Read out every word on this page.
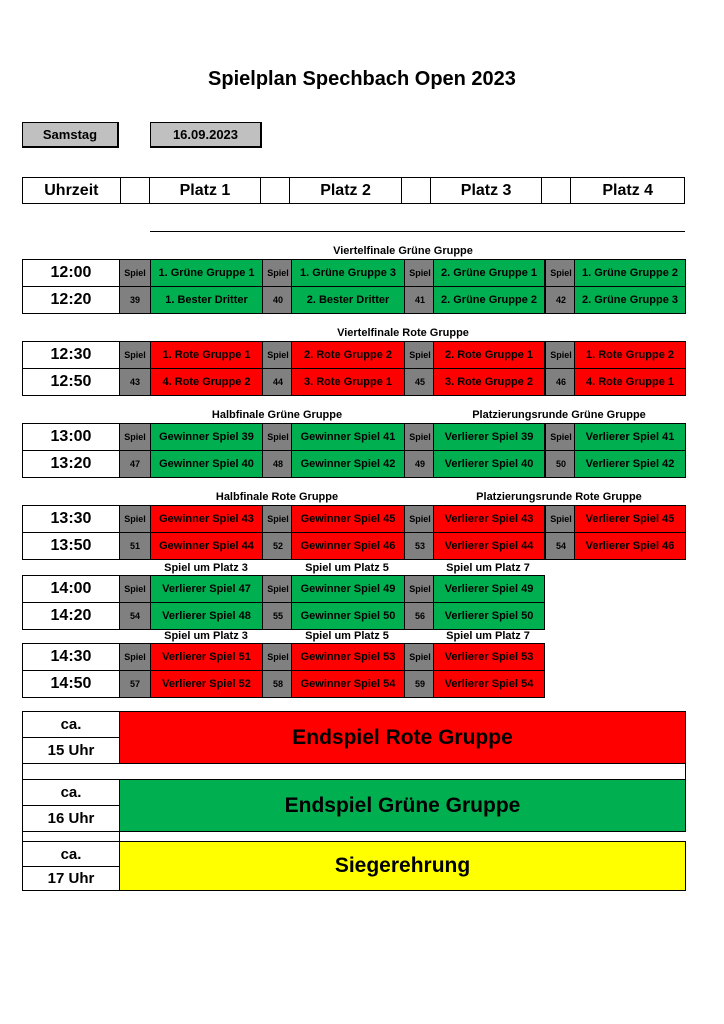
Spielplan Spechbach Open 2023
Samstag	16.09.2023
Uhrzeit	Platz 1	Platz 2	Platz 3	Platz 4
Viertelfinale Grüne Gruppe
Viertelfinale Rote Gruppe
Halbfinale Grüne Gruppe	Platzierungsrunde Grüne Gruppe
Halbfinale Rote Gruppe	Platzierungsrunde Rote Gruppe
Spiel um Platz 3	Spiel um Platz 5	Spiel um Platz 7
Spiel um Platz 3	Spiel um Platz 5	Spiel um Platz 7
12:00	Spiel	1. Grüne Gruppe 1	Spiel	1. Grüne Gruppe 3	Spiel 2. Grüne Gruppe 1	Spiel 1. Grüne Gruppe 2
12:20	39	1. Bester Dritter	40	2. Bester Dritter	41	2. Grüne Gruppe 2	42	2. Grüne Gruppe 3
12:30	Spiel	1. Rote Gruppe 1	Spiel	2. Rote Gruppe 2	Spiel	2. Rote Gruppe 1	Spiel	1. Rote Gruppe 2
12:50	43	4. Rote Gruppe 2	44	3. Rote Gruppe 1	45	3. Rote Gruppe 2	46	4. Rote Gruppe 1
13:00	Spiel	Gewinner Spiel 39	Spiel	Gewinner Spiel 41	Spiel	Verlierer Spiel 39	Spiel	Verlierer Spiel 41
13:20	47	Gewinner Spiel 40	48	Gewinner Spiel 42	49	Verlierer Spiel 40	50	Verlierer Spiel 42
13:30	Spiel	Gewinner Spiel 43	Spiel	Gewinner Spiel 45	Spiel	Verlierer Spiel 43	Spiel	Verlierer Spiel 45
13:50	51	Gewinner Spiel 44	52	Gewinner Spiel 46	53	Verlierer Spiel 44	54	Verlierer Spiel 46
14:00	Spiel	Verlierer Spiel 47	Spiel	Gewinner Spiel 49	Spiel	Verlierer Spiel 49
14:20	54	Verlierer Spiel 48	55	Gewinner Spiel 50	56	Verlierer Spiel 50
14:30	Spiel	Verlierer Spiel 51	Spiel	Gewinner Spiel 53	Spiel	Verlierer Spiel 53
14:50	57	Verlierer Spiel 52	58	Gewinner Spiel 54	59	Verlierer Spiel 54
ca.
15 Uhr
Endspiel Rote Gruppe
ca.
16 Uhr
Endspiel Grüne Gruppe
ca.
17 Uhr
Siegerehrung
